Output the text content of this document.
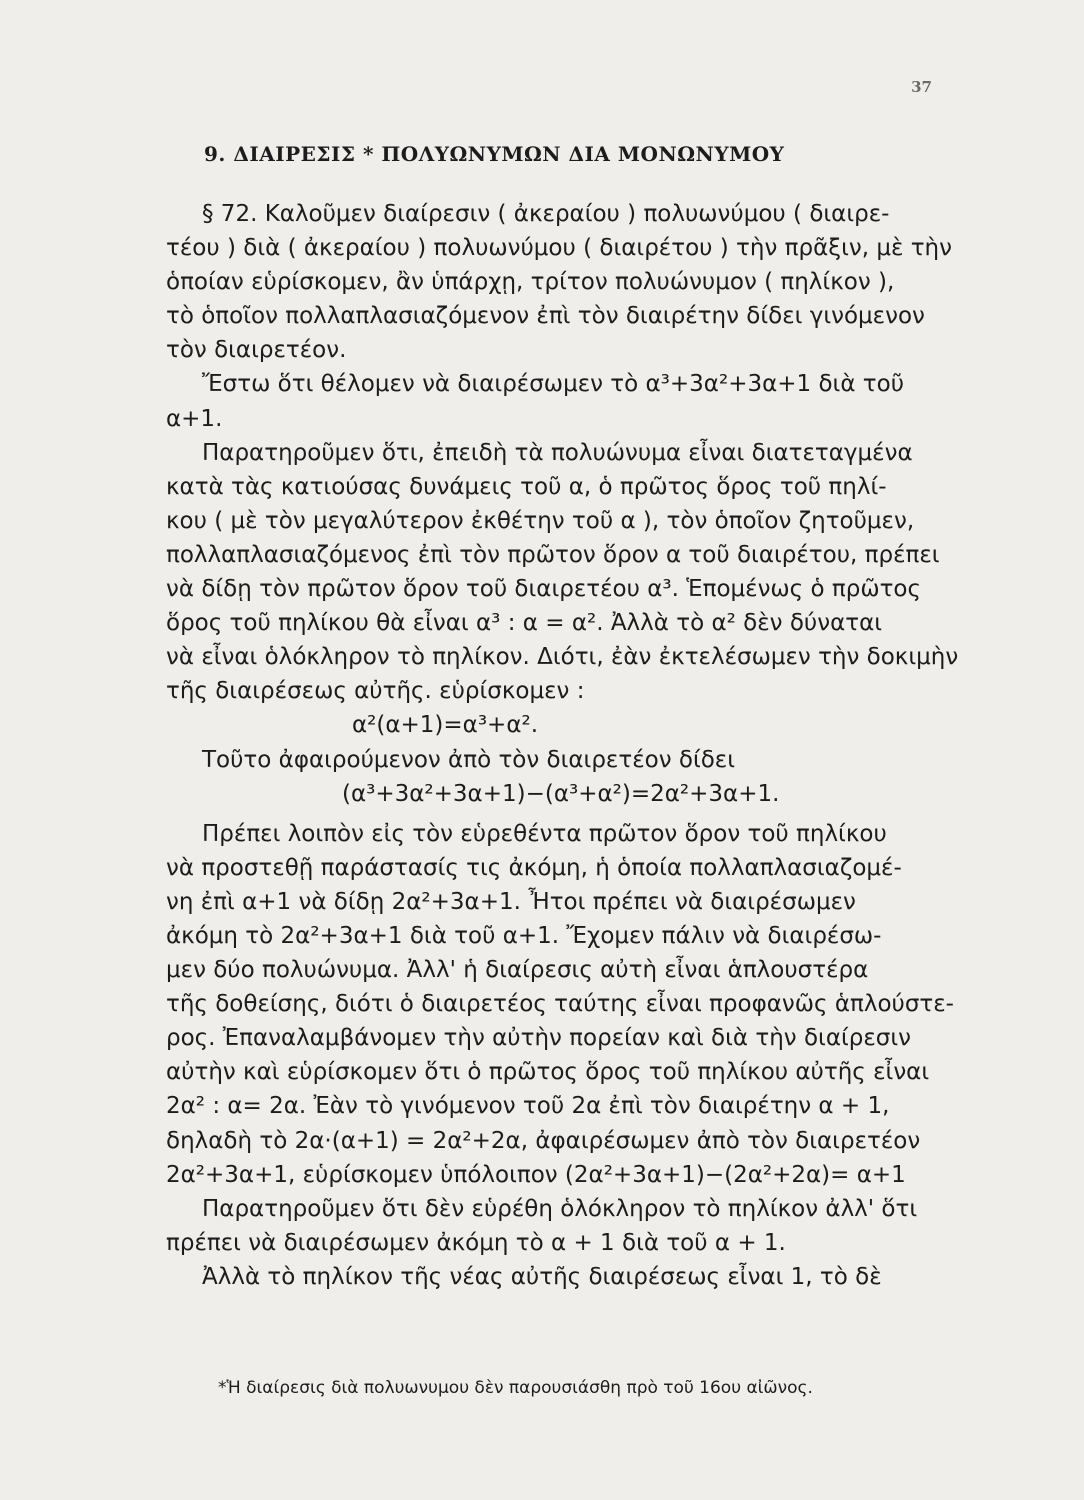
37
9. ΔΙΑΙΡΕΣΙΣ * ΠΟΛΥΩΝΥΜΩΝ ΔΙΑ ΜΟΝΩΝΥΜΟΥ
§ 72. Καλοῦμεν διαίρεσιν ( ἀκεραίου ) πολυωνύμου ( διαιρε-
τέου ) διὰ ( ἀκεραίου ) πολυωνύμου ( διαιρέτου ) τὴν πρᾶξιν, μὲ τὴν
ὁποίαν εὑρίσκομεν, ἂν ὑπάρχῃ, τρίτον πολυώνυμον ( πηλίκον ),
τὸ ὁποῖον πολλαπλασιαζόμενον ἐπὶ τὸν διαιρέτην δίδει γινόμενον
τὸν διαιρετέον.
Ἔστω ὅτι θέλομεν νὰ διαιρέσωμεν τὸ α³+3α²+3α+1 διὰ τοῦ
α+1.
Παρατηροῦμεν ὅτι, ἐπειδὴ τὰ πολυώνυμα εἶναι διατεταγμένα
κατὰ τὰς κατιούσας δυνάμεις τοῦ α, ὁ πρῶτος ὅρος τοῦ πηλί-
κου ( μὲ τὸν μεγαλύτερον ἐκθέτην τοῦ α ), τὸν ὁποῖον ζητοῦμεν,
πολλαπλασιαζόμενος ἐπὶ τὸν πρῶτον ὅρον α τοῦ διαιρέτου, πρέπει
νὰ δίδῃ τὸν πρῶτον ὅρον τοῦ διαιρετέου α³. Ἑπομένως ὁ πρῶτος
ὅρος τοῦ πηλίκου θὰ εἶναι α³ : α = α². Ἀλλὰ τὸ α² δὲν δύναται
νὰ εἶναι ὁλόκληρον τὸ πηλίκον. Διότι, ἐὰν ἐκτελέσωμεν τὴν δοκιμὴν
τῆς διαιρέσεως αὐτῆς. εὑρίσκομεν :
α²(α+1)=α³+α².
Τοῦτο ἀφαιρούμενον ἀπὸ τὸν διαιρετέον δίδει
(α³+3α²+3α+1)−(α³+α²)=2α²+3α+1.
Πρέπει λοιπὸν εἰς τὸν εὑρεθέντα πρῶτον ὅρον τοῦ πηλίκου
νὰ προστεθῇ παράστασίς τις ἀκόμη, ἡ ὁποία πολλαπλασιαζομέ-
νη ἐπὶ α+1 νὰ δίδῃ 2α²+3α+1. Ἦτοι πρέπει νὰ διαιρέσωμεν
ἀκόμη τὸ 2α²+3α+1 διὰ τοῦ α+1. Ἔχομεν πάλιν νὰ διαιρέσω-
μεν δύο πολυώνυμα. Ἀλλ' ἡ διαίρεσις αὐτὴ εἶναι ἁπλουστέρα
τῆς δοθείσης, διότι ὁ διαιρετέος ταύτης εἶναι προφανῶς ἁπλούστε-
ρος. Ἐπαναλαμβάνομεν τὴν αὐτὴν πορείαν καὶ διὰ τὴν διαίρεσιν
αὐτὴν καὶ εὑρίσκομεν ὅτι ὁ πρῶτος ὅρος τοῦ πηλίκου αὐτῆς εἶναι
2α² : α= 2α. Ἐὰν τὸ γινόμενον τοῦ 2α ἐπὶ τὸν διαιρέτην α + 1,
δηλαδὴ τὸ 2α·(α+1) = 2α²+2α, ἀφαιρέσωμεν ἀπὸ τὸν διαιρετέον
2α²+3α+1, εὑρίσκομεν ὑπόλοιπον (2α²+3α+1)−(2α²+2α)= α+1
Παρατηροῦμεν ὅτι δὲν εὑρέθη ὁλόκληρον τὸ πηλίκον ἀλλ' ὅτι
πρέπει νὰ διαιρέσωμεν ἀκόμη τὸ α + 1 διὰ τοῦ α + 1.
Ἀλλὰ τὸ πηλίκον τῆς νέας αὐτῆς διαιρέσεως εἶναι 1, τὸ δὲ
*Ἡ διαίρεσις διὰ πολυωνυμου δὲν παρουσιάσθη πρὸ τοῦ 16ου αἰῶνος.
